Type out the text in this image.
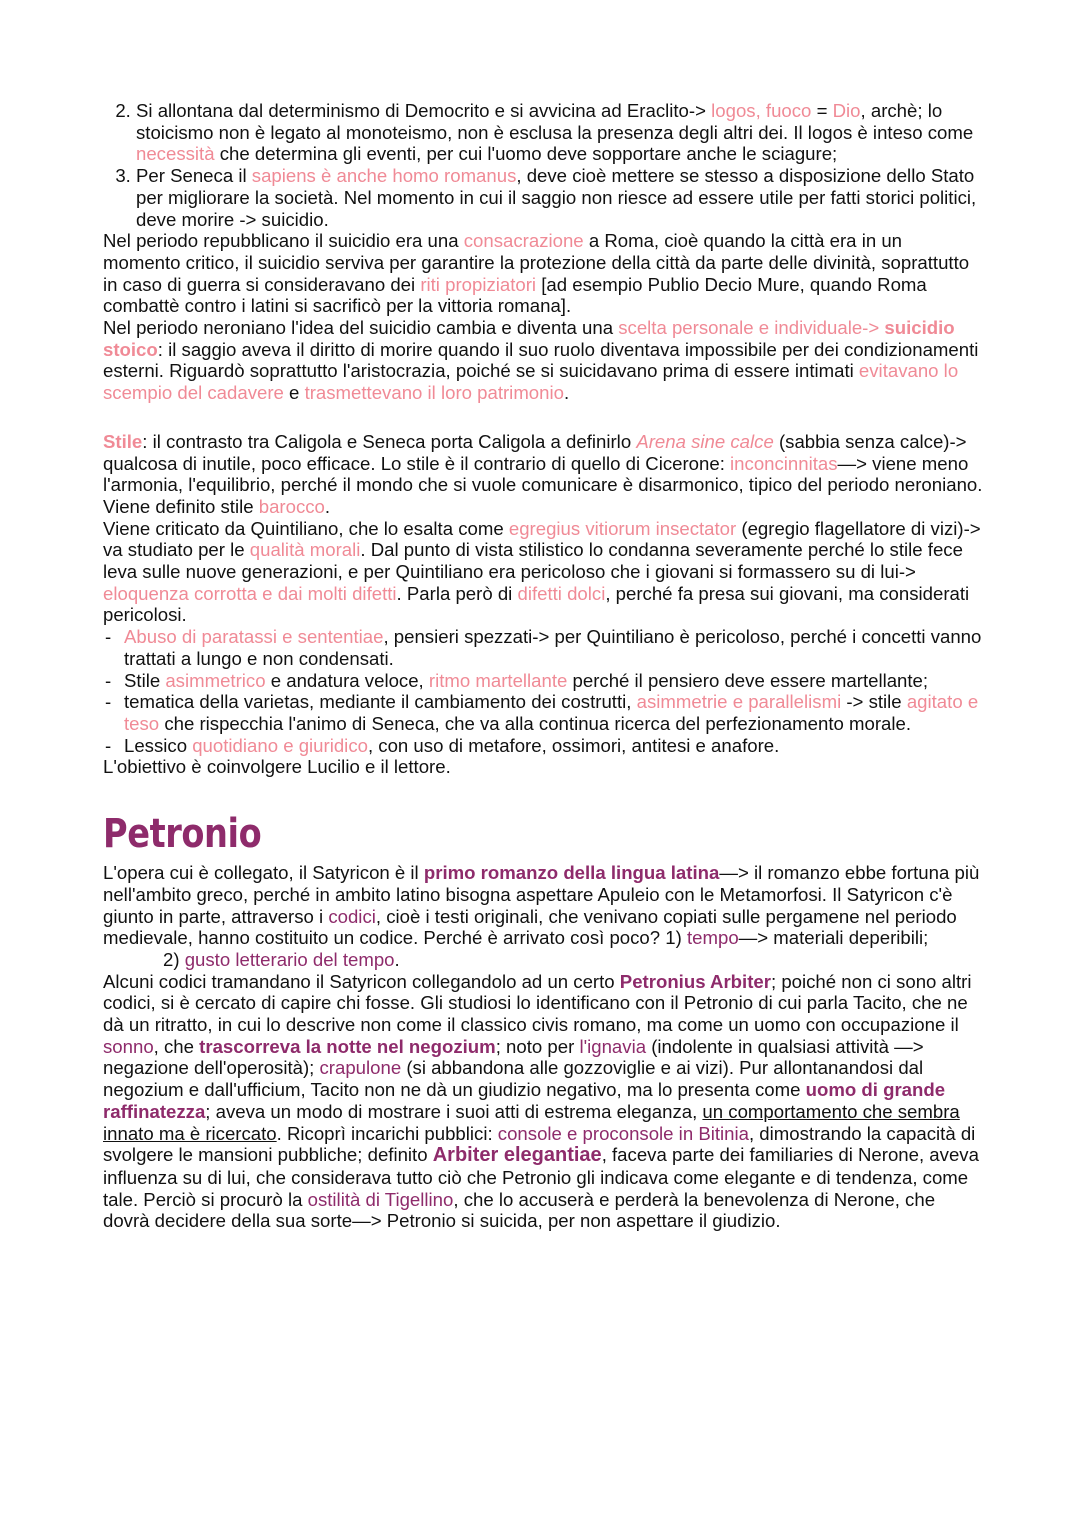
2. Si allontana dal determinismo di Democrito e si avvicina ad Eraclito-> logos, fuoco = Dio, archè; lo stoicismo non è legato al monoteismo, non è esclusa la presenza degli altri dei. Il logos è inteso come necessità che determina gli eventi, per cui l'uomo deve sopportare anche le sciagure;
3. Per Seneca il sapiens è anche homo romanus, deve cioè mettere se stesso a disposizione dello Stato per migliorare la società. Nel momento in cui il saggio non riesce ad essere utile per fatti storici politici, deve morire -> suicidio.

Nel periodo repubblicano il suicidio era una consacrazione a Roma, cioè quando la città era in un momento critico, il suicidio serviva per garantire la protezione della città da parte delle divinità, soprattutto in caso di guerra si consideravano dei riti propiziatori [ad esempio Publio Decio Mure, quando Roma combattè contro i latini si sacrificò per la vittoria romana].

Nel periodo neroniano l'idea del suicidio cambia e diventa una scelta personale e individuale-> suicidio stoico: il saggio aveva il diritto di morire quando il suo ruolo diventava impossibile per dei condizionamenti esterni. Riguardò soprattutto l'aristocrazia, poiché se si suicidavano prima di essere intimati evitavano lo scempio del cadavere e trasmettevano il loro patrimonio.

Stile: il contrasto tra Caligola e Seneca porta Caligola a definirlo Arena sine calce (sabbia senza calce)-> qualcosa di inutile, poco efficace. Lo stile è il contrario di quello di Cicerone: inconcinnitas—> viene meno l'armonia, l'equilibrio, perché il mondo che si vuole comunicare è disarmonico, tipico del periodo neroniano. Viene definito stile barocco.

Viene criticato da Quintiliano, che lo esalta come egregius vitiorum insectator (egregio flagellatore di vizi)-> va studiato per le qualità morali. Dal punto di vista stilistico lo condanna severamente perché lo stile fece leva sulle nuove generazioni, e per Quintiliano era pericoloso che i giovani si formassero su di lui-> eloquenza corrotta e dai molti difetti. Parla però di difetti dolci, perché fa presa sui giovani, ma considerati pericolosi.

- Abuso di paratassi e sententiae, pensieri spezzati-> per Quintiliano è pericoloso, perché i concetti vanno trattati a lungo e non condensati.
- Stile asimmetrico e andatura veloce, ritmo martellante perché il pensiero deve essere martellante;
- tematica della varietas, mediante il cambiamento dei costrutti, asimmetrie e parallelismi -> stile agitato e teso che rispecchia l'animo di Seneca, che va alla continua ricerca del perfezionamento morale.
- Lessico quotidiano e giuridico, con uso di metafore, ossimori, antitesi e anafore.

L'obiettivo è coinvolgere Lucilio e il lettore.

Petronio

L'opera cui è collegato, il Satyricon è il primo romanzo della lingua latina—> il romanzo ebbe fortuna più nell'ambito greco, perché in ambito latino bisogna aspettare Apuleio con le Metamorfosi. Il Satyricon c'è giunto in parte, attraverso i codici, cioè i testi originali, che venivano copiati sulle pergamene nel periodo medievale, hanno costituito un codice. Perché è arrivato così poco? 1) tempo—> materiali deperibili;

2) gusto letterario del tempo.

Alcuni codici tramandano il Satyricon collegandolo ad un certo Petronius Arbiter; poiché non ci sono altri codici, si è cercato di capire chi fosse. Gli studiosi lo identificano con il Petronio di cui parla Tacito, che ne dà un ritratto, in cui lo descrive non come il classico civis romano, ma come un uomo con occupazione il sonno, che trascorreva la notte nel negozium; noto per l'ignavia (indolente in qualsiasi attività —> negazione dell'operosità); crapulone (si abbandona alle gozzoviglie e ai vizi). Pur allontanandosi dal negozium e dall'ufficium, Tacito non ne dà un giudizio negativo, ma lo presenta come uomo di grande raffinatezza; aveva un modo di mostrare i suoi atti di estrema eleganza, un comportamento che sembra innato ma è ricercato. Ricoprì incarichi pubblici: console e proconsole in Bitinia, dimostrando la capacità di svolgere le mansioni pubbliche; definito Arbiter elegantiae, faceva parte dei familiaries di Nerone, aveva influenza su di lui, che considerava tutto ciò che Petronio gli indicava come elegante e di tendenza, come tale. Perciò si procurò la ostilità di Tigellino, che lo accuserà e perderà la benevolenza di Nerone, che dovrà decidere della sua sorte—> Petronio si suicida, per non aspettare il giudizio.
